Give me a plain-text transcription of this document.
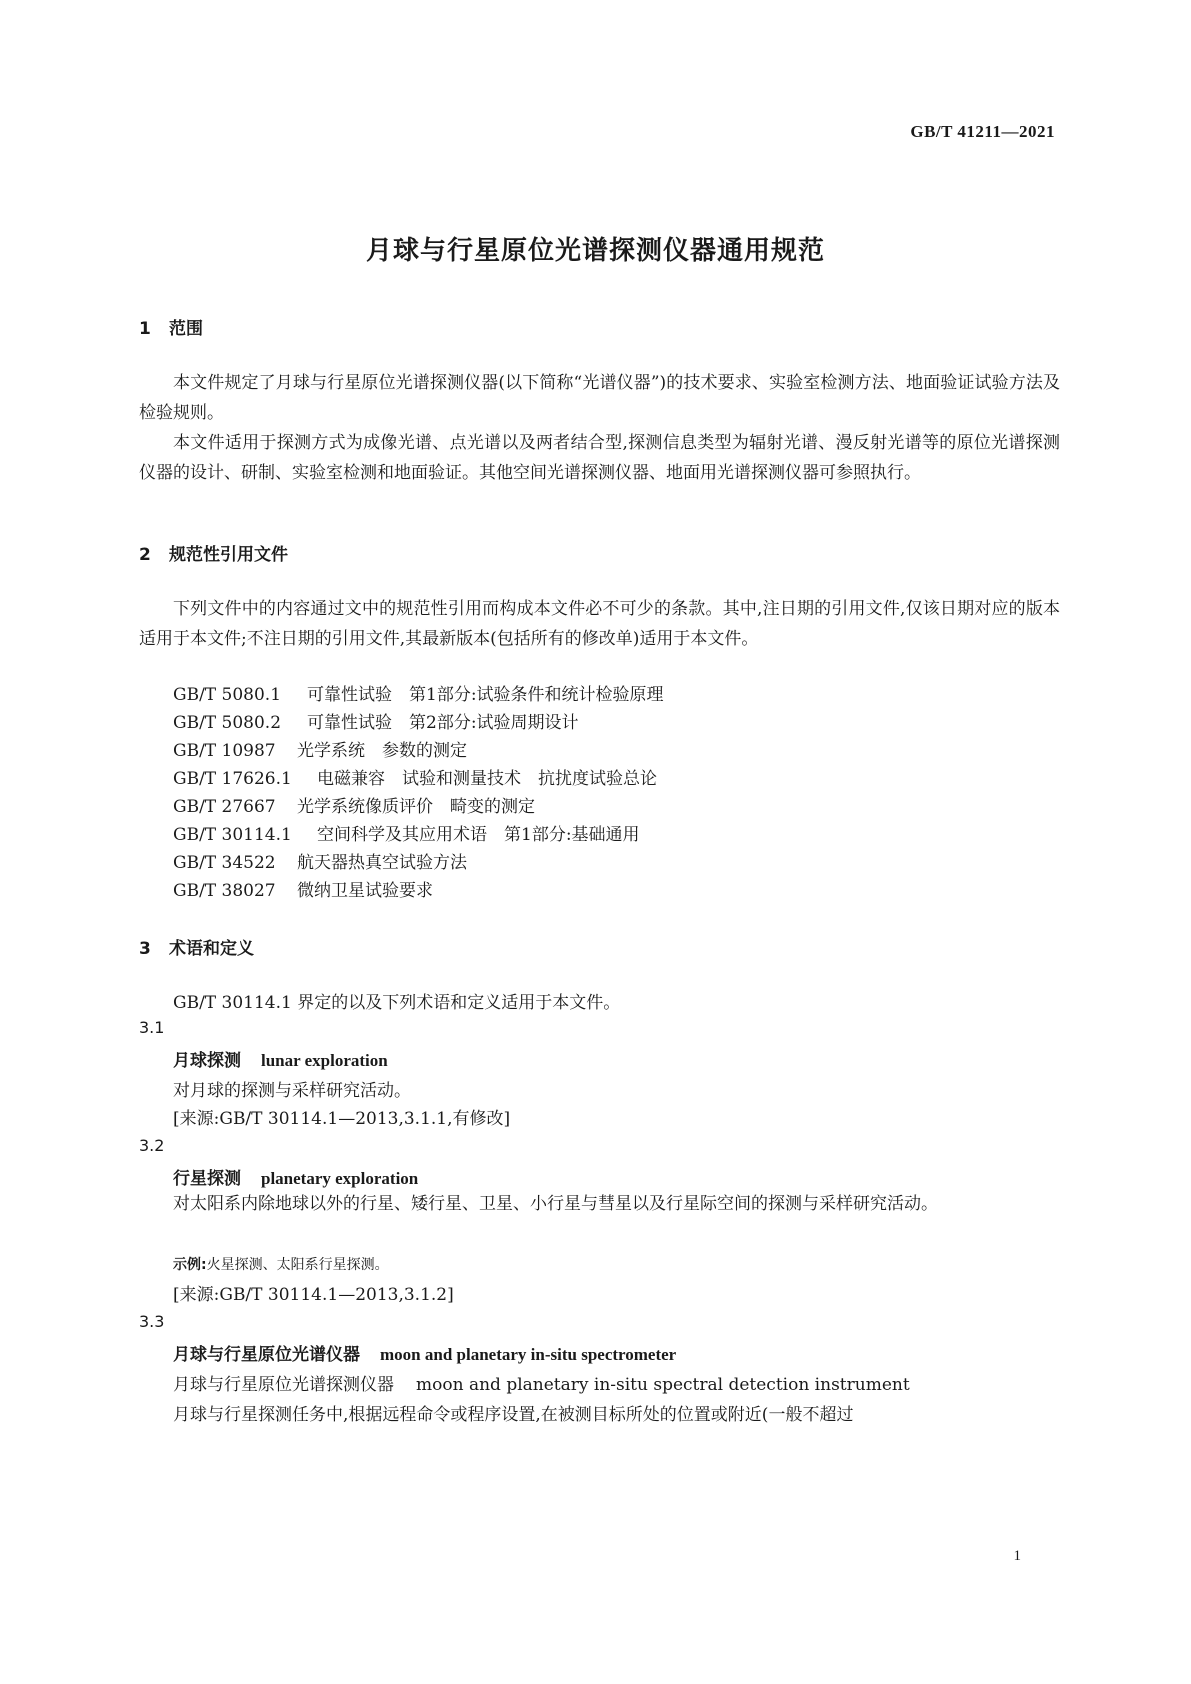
GB/T 41211—2021
月球与行星原位光谱探测仪器通用规范
1 范围

本文件规定了月球与行星原位光谱探测仪器(以下简称“光谱仪器”)的技术要求、实验室检测方法、地面验证试验方法及检验规则。

本文件适用于探测方式为成像光谱、点光谱以及两者结合型,探测信息类型为辐射光谱、漫反射光谱等的原位光谱探测仪器的设计、研制、实验室检测和地面验证。其他空间光谱探测仪器、地面用光谱探测仪器可参照执行。

2 规范性引用文件

下列文件中的内容通过文中的规范性引用而构成本文件必不可少的条款。其中,注日期的引用文件,仅该日期对应的版本适用于本文件;不注日期的引用文件,其最新版本(包括所有的修改单)适用于本文件。

GB/T 5080.1 可靠性试验　第1部分:试验条件和统计检验原理
GB/T 5080.2 可靠性试验　第2部分:试验周期设计
GB/T 10987 光学系统　参数的测定
GB/T 17626.1 电磁兼容　试验和测量技术　抗扰度试验总论
GB/T 27667 光学系统像质评价　畸变的测定
GB/T 30114.1 空间科学及其应用术语　第1部分:基础通用
GB/T 34522 航天器热真空试验方法
GB/T 38027 微纳卫星试验要求
3 术语和定义
GB/T 30114.1 界定的以及下列术语和定义适用于本文件。
3.1
月球探测 lunar exploration
对月球的探测与采样研究活动。
[来源:GB/T 30114.1—2013,3.1.1,有修改]
3.2
行星探测 planetary exploration

对太阳系内除地球以外的行星、矮行星、卫星、小行星与彗星以及行星际空间的探测与采样研究活动。

示例:火星探测、太阳系行星探测。
[来源:GB/T 30114.1—2013,3.1.2]
3.3
月球与行星原位光谱仪器 moon and planetary in-situ spectrometer
月球与行星原位光谱探测仪器 moon and planetary in-situ spectral detection instrument
月球与行星探测任务中,根据远程命令或程序设置,在被测目标所处的位置或附近(一般不超过
1
